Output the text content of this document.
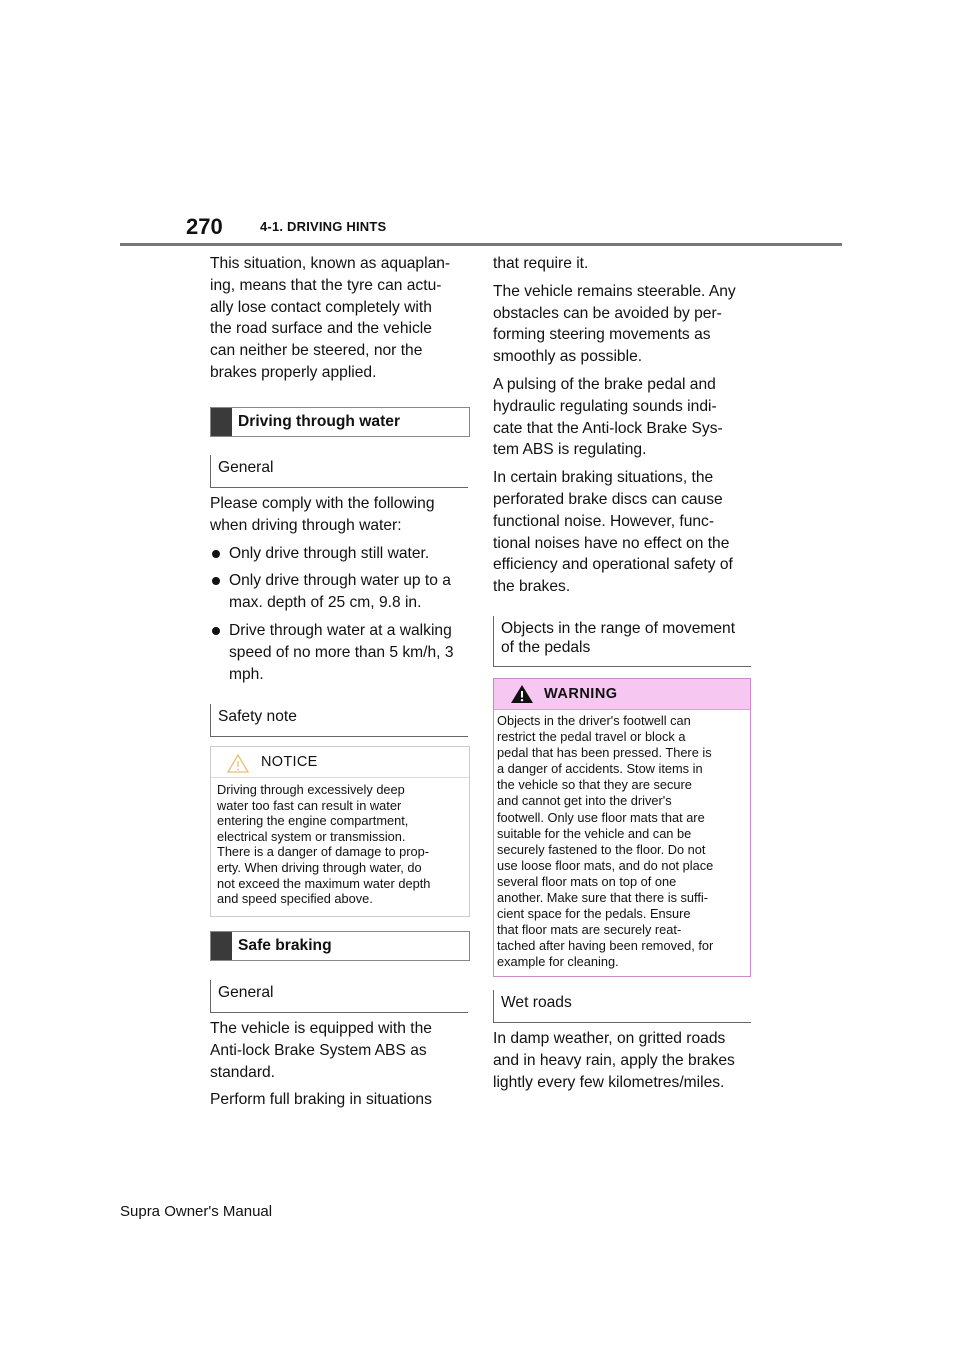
270	4-1. DRIVING HINTS

This situation, known as aquaplan-
ing, means that the tyre can actu-
ally lose contact completely with
the road surface and the vehicle
can neither be steered, nor the
brakes properly applied.

Driving through water
General

Please comply with the following
when driving through water:

Only drive through still water.
Only drive through water up to a
max. depth of 25 cm, 9.8 in.
Drive through water at a walking
speed of no more than 5 km/h, 3
mph.
Safety note
NOTICE
Driving through excessively deep
water too fast can result in water
entering the engine compartment,
electrical system or transmission.
There is a danger of damage to prop-
erty. When driving through water, do
not exceed the maximum water depth
and speed specified above.
Safe braking
General

The vehicle is equipped with the
Anti-lock Brake System ABS as
standard.

Perform full braking in situations

that require it.

The vehicle remains steerable. Any
obstacles can be avoided by per-
forming steering movements as
smoothly as possible.

A pulsing of the brake pedal and
hydraulic regulating sounds indi-
cate that the Anti-lock Brake Sys-
tem ABS is regulating.

In certain braking situations, the
perforated brake discs can cause
functional noise. However, func-
tional noises have no effect on the
efficiency and operational safety of
the brakes.

Objects in the range of movement
of the pedals
WARNING
Objects in the driver's footwell can
restrict the pedal travel or block a
pedal that has been pressed. There is
a danger of accidents. Stow items in
the vehicle so that they are secure
and cannot get into the driver's
footwell. Only use floor mats that are
suitable for the vehicle and can be
securely fastened to the floor. Do not
use loose floor mats, and do not place
several floor mats on top of one
another. Make sure that there is suffi-
cient space for the pedals. Ensure
that floor mats are securely reat-
tached after having been removed, for
example for cleaning.
Wet roads

In damp weather, on gritted roads
and in heavy rain, apply the brakes
lightly every few kilometres/miles.

Supra Owner's Manual
